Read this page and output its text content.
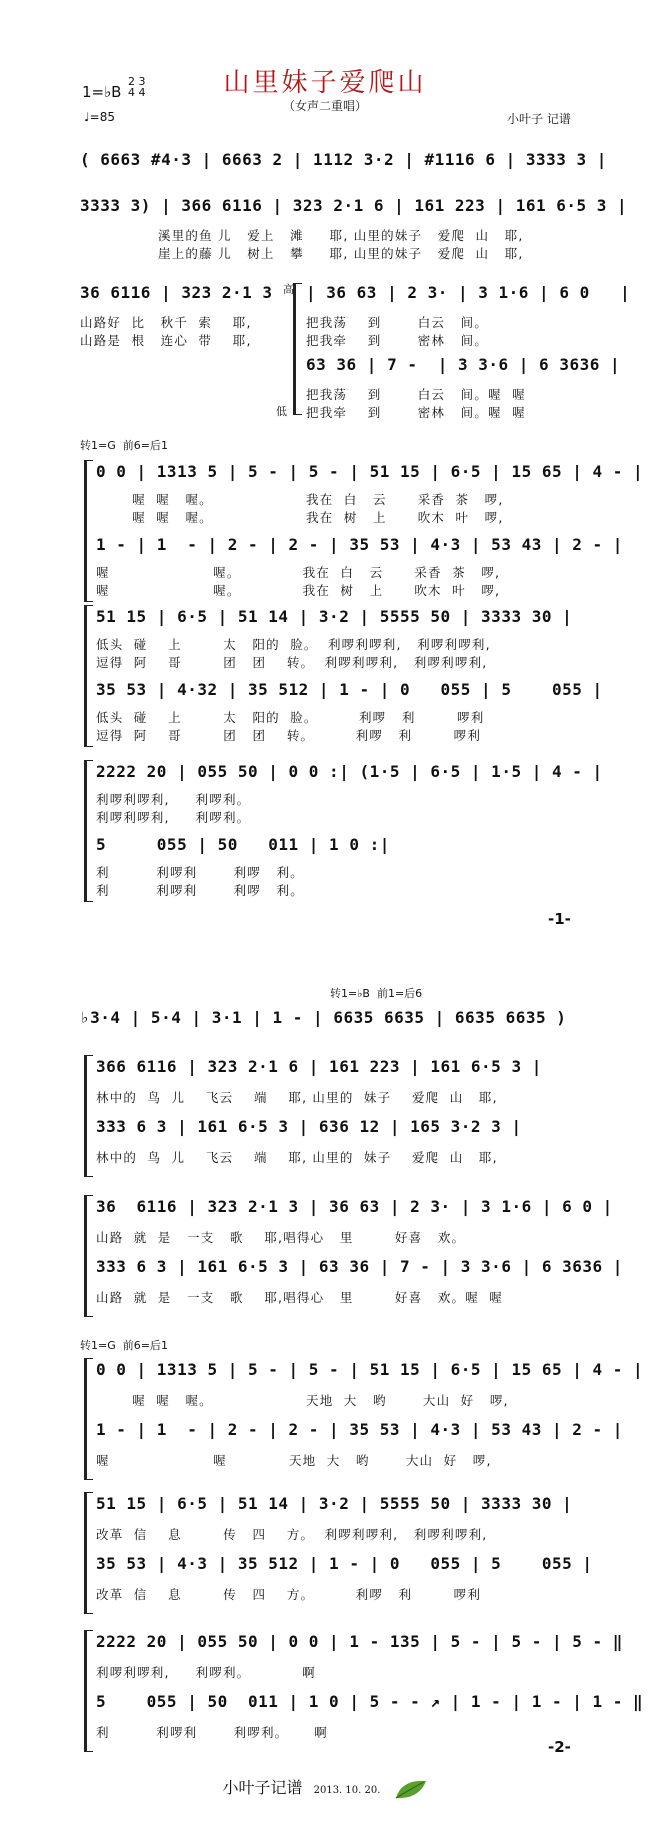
山里妹子爱爬山
（女声二重唱）
1=♭B
2 3
4 4
♩=85	小叶子 记谱
( 6663 #4·3 | 6663 2 | 1112 3·2 | #1116 6 | 3333 3 |
3333 3) | 366 6116 | 323 2·1 6 | 161 223 | 161 6·5 3 |
溪里的鱼 儿   爱上   滩     耶, 山里的妹子   爱爬  山   耶,
崖上的藤 儿   树上   攀     耶, 山里的妹子   爱爬  山   耶,
36 6116 | 323 2·1 3 高
山路好  比   秋千  索    耶,
山路是  根   连心  带    耶,
| 36 63 | 2 3· | 3 1·6 | 6 0   |
把我荡    到       白云   间。
把我牵    到       密林   间。
63 36 | 7 -  | 3 3·6 | 6 3636 |
把我荡    到       白云   间。喔  喔
低 把我牵    到       密林   间。喔  喔
转1=G  前6=后1
0 0 | 1313 5 | 5 - | 5 - | 51 15 | 6·5 | 15 65 | 4 - |
喔  喔   喔。                  我在  白   云      采香  茶   啰,
喔  喔   喔。                  我在  树   上      吹木  叶   啰,
1 - | 1  - | 2 - | 2 - | 35 53 | 4·3 | 53 43 | 2 - |
喔                    喔。            我在  白   云      采香  茶   啰,
喔                    喔。            我在  树   上      吹木  叶   啰,
51 15 | 6·5 | 51 14 | 3·2 | 5555 50 | 3333 30 |
低头  碰    上        太   阳的  脸。  利啰利啰利,   利啰利啰利,
逗得  阿    哥        团   团    转。  利啰利啰利,   利啰利啰利,
35 53 | 4·32 | 35 512 | 1 - | 0   055 | 5    055 |
低头  碰    上        太   阳的  脸。        利啰   利        啰利
逗得  阿    哥        团   团    转。        利啰   利        啰利
2222 20 | 055 50 | 0 0 :| (1·5 | 6·5 | 1·5 | 4 - |
利啰利啰利,     利啰利。
利啰利啰利,     利啰利。
5     055 | 50   011 | 1 0 :|
利         利啰利       利啰   利。
利         利啰利       利啰   利。
-1-
转1=♭B  前1=后6
♭3·4 | 5·4 | 3·1 | 1 - | 6635 6635 | 6635 6635 )
366 6116 | 323 2·1 6 | 161 223 | 161 6·5 3 |
林中的  鸟  儿    飞云    端    耶, 山里的  妹子    爱爬  山   耶,
333 6 3 | 161 6·5 3 | 636 12 | 165 3·2 3 |
林中的  鸟  儿    飞云    端    耶, 山里的  妹子    爱爬  山   耶,
36  6116 | 323 2·1 3 | 36 63 | 2 3· | 3 1·6 | 6 0 |
山路  就  是   一支   歌    耶,唱得心   里        好喜   欢。
333 6 3 | 161 6·5 3 | 63 36 | 7 - | 3 3·6 | 6 3636 |
山路  就  是   一支   歌    耶,唱得心   里        好喜   欢。喔  喔
转1=G  前6=后1
0 0 | 1313 5 | 5 - | 5 - | 51 15 | 6·5 | 15 65 | 4 - |
喔  喔   喔。                  天地  大   哟       大山  好   啰,
1 - | 1  - | 2 - | 2 - | 35 53 | 4·3 | 53 43 | 2 - |
喔                    喔            天地  大   哟       大山  好   啰,
51 15 | 6·5 | 51 14 | 3·2 | 5555 50 | 3333 30 |
改革  信    息        传   四    方。  利啰利啰利,   利啰利啰利,
35 53 | 4·3 | 35 512 | 1 - | 0   055 | 5    055 |
改革  信    息        传   四    方。        利啰   利        啰利
2222 20 | 055 50 | 0 0 | 1 - 135 | 5 - | 5 - | 5 - ‖
利啰利啰利,     利啰利。          啊
5    055 | 50  011 | 1 0 | 5 - - ↗ | 1 - | 1 - | 1 - ‖
利         利啰利       利啰利。     啊
-2-
小叶子记谱 2013. 10. 20.
